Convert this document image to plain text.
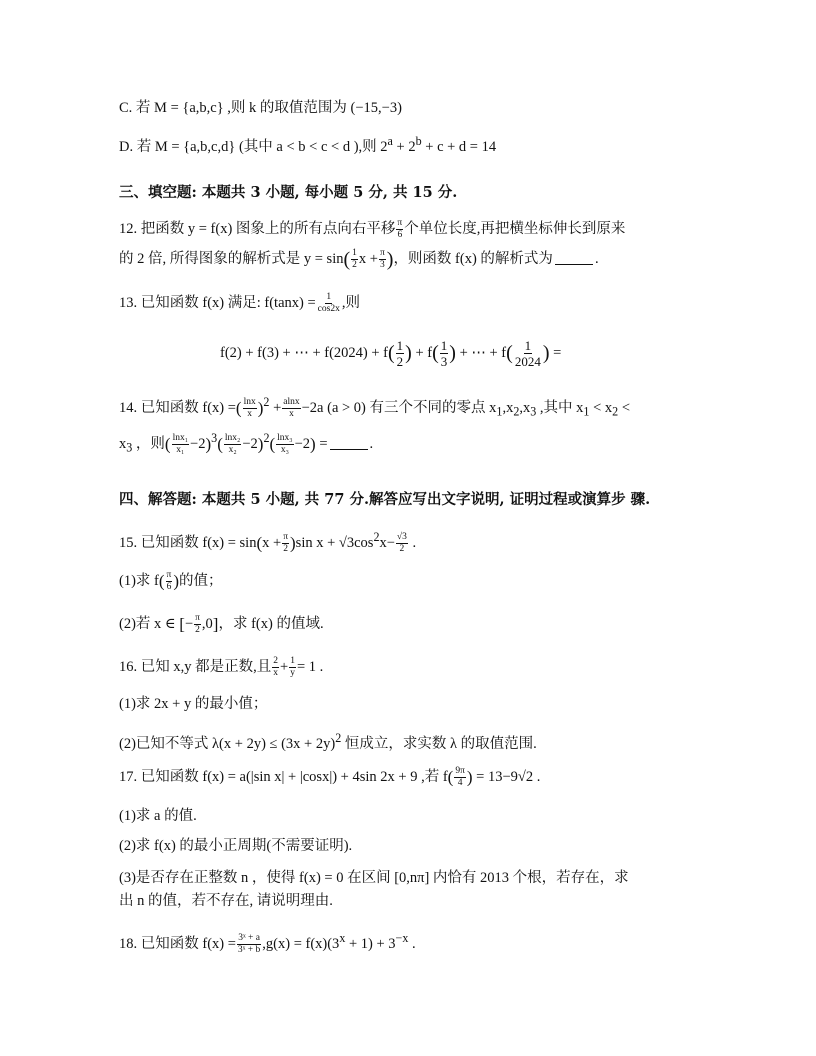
C. 若 M = {a,b,c} ,则 k 的取值范围为 (−15,−3)
D. 若 M = {a,b,c,d} (其中 a < b < c < d ),则 $2^a + 2^b + c + d = 14$
三、填空题: 本题共 3 小题, 每小题 5 分, 共 15 分.
12. 把函数 y = f(x) 图象上的所有点向右平移 $\frac{\pi}{6}$ 个单位长度,再把横坐标伸长到原来
的 2 倍, 所得图象的解析式是 $y = \sin( \frac{1}{2}$ $x + \frac{\pi}{3}$ )，则函数 f(x) 的解析式为	.
13. 已知函数 f(x) 满足: $f(\tan x) = \frac{1}{\cos 2x}$ ,则
f(2) + f(3) + ⋯ + $f(2024) + f( \frac{1}{2}$ ) + $f( \frac{1}{3}$ ) + ⋯ + $f( \frac{1}{2024}$ ) =
14. 已知函数 f(x) =( $\frac{\ln x}{x} )^2 + \frac{alnx}{x} -2a$ (a > 0) 有三个不同的零点 $x_1,x_2,x_3$ ,其中 $x_1 < x_2$ <
$x_3$ ，则( $\frac{\text{lnx₁}}{\text{x₁}} -2)^3( \frac{\text{lnx₂}}{\text{x₂}} -2)^2( \frac{\text{lnx₃}}{\text{x₃}} -2)$ =	.
四、解答题: 本题共 5 小题, 共 77 分.解答应写出文字说明, 证明过程或演算步 骤.
15. 已知函数 $f(x) = \sin(x + \frac{\pi}{2} )\sin$ $x + √3\cos^2x- \frac{√3}{2}$ .
(1)求 $f( \frac{\pi}{6}$ )的值；
(2)若 x ∈ [− $\frac{\pi}{2} ,0$]，求 f(x) 的值域.
16. 已知 x,y 都是正数,且 $\frac{2}{x} + \frac{1}{y} = 1$ .
(1)求 2x + y 的最小值；
(2)已知不等式 $\lambda(x + 2y) \le (3x + 2y)^2$ 恒成立，求实数 λ 的取值范围.
17. 已知函数 f(x) = a(|sin x| + |cosx|) + 4sin 2x + 9 ,若 $f( \frac{9\pi}{4}$ ) = 13−9√2 .
(1)求 a 的值.
(2)求 f(x) 的最小正周期(不需要证明).
(3)是否存在正整数 n ，使得 f(x) = 0 在区间 [0,nπ] 内恰有 2013 个根，若存在，求
出 n 的值，若不存在, 请说明理由.
18. 已知函数 $f(x) = \frac{\text{3ˣ + a}}{\text{3ˣ + b}} ,g(x) = f(x)(3^x + 1) + 3^{-x}$ .
